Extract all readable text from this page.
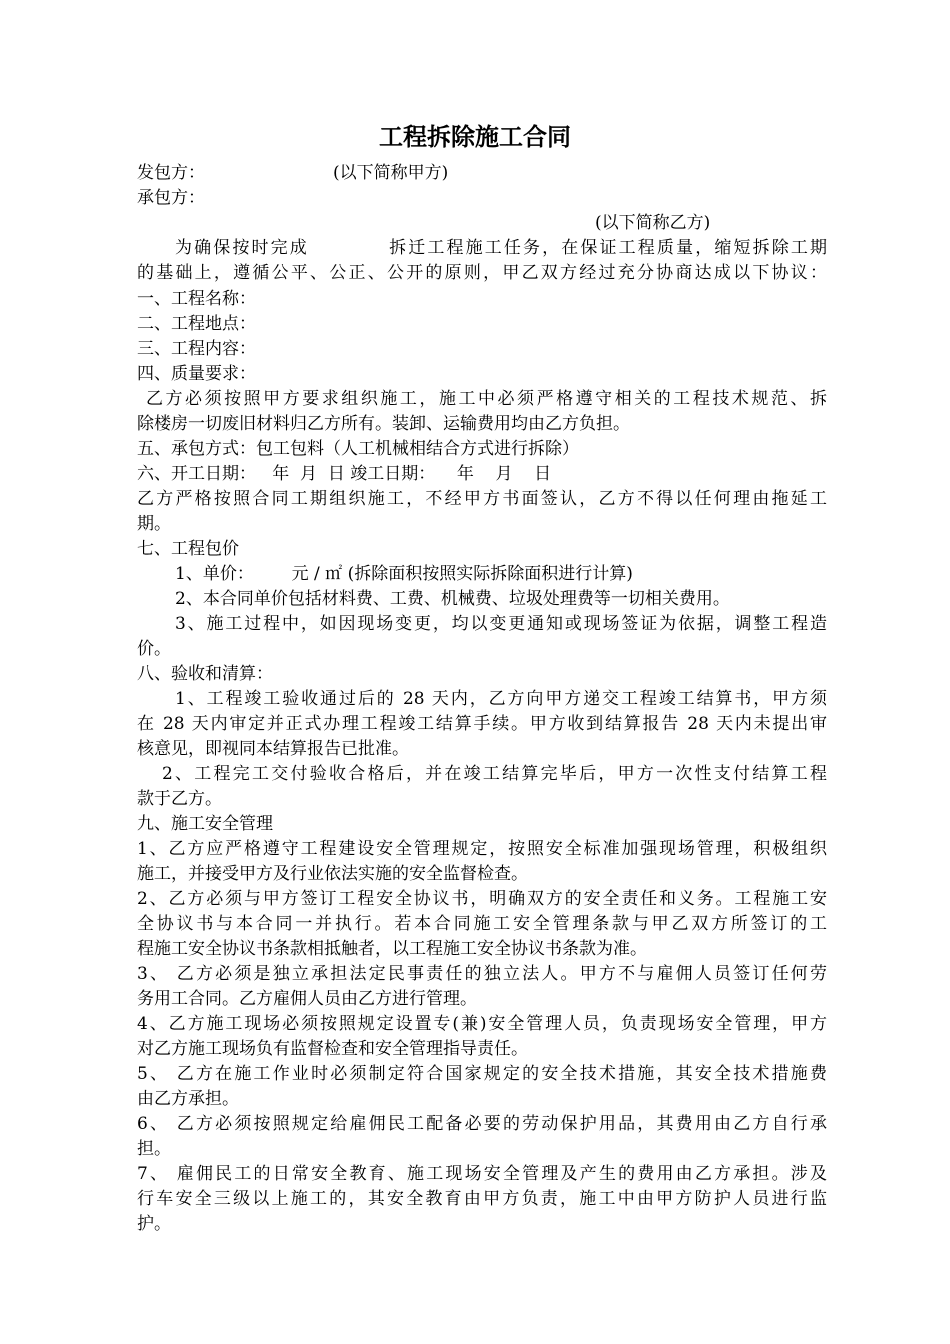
工程拆除施工合同
发包方：	(以下简称甲方)
承包方：
(以下简称乙方)
为确保按时完成	拆迁工程施工任务，在保证工程质量，缩短拆除工期
的基础上，遵循公平、公正、公开的原则，甲乙双方经过充分协商达成以下协议：
一、工程名称：
二、工程地点：
三、工程内容：
四、质量要求：
乙方必须按照甲方要求组织施工，施工中必须严格遵守相关的工程技术规范、拆
除楼房一切废旧材料归乙方所有。装卸、运输费用均由乙方负担。
五、承包方式：包工包料（人工机械相结合方式进行拆除）
六、开工日期：   年  月  日 竣工日期：    年    月    日
乙方严格按照合同工期组织施工，不经甲方书面签认，乙方不得以任何理由拖延工
期。
七、工程包价
1、单价：       元 / ㎡ (拆除面积按照实际拆除面积进行计算)
2、本合同单价包括材料费、工费、机械费、垃圾处理费等一切相关费用。
3、施工过程中，如因现场变更，均以变更通知或现场签证为依据，调整工程造
价。
八、验收和清算：
1、工程竣工验收通过后的 28 天内，乙方向甲方递交工程竣工结算书，甲方须
在 28 天内审定并正式办理工程竣工结算手续。甲方收到结算报告 28 天内未提出审
核意见，即视同本结算报告已批准。
2、工程完工交付验收合格后，并在竣工结算完毕后，甲方一次性支付结算工程
款于乙方。
九、施工安全管理
1、乙方应严格遵守工程建设安全管理规定，按照安全标准加强现场管理，积极组织
施工，并接受甲方及行业依法实施的安全监督检查。
2、乙方必须与甲方签订工程安全协议书，明确双方的安全责任和义务。工程施工安
全协议书与本合同一并执行。若本合同施工安全管理条款与甲乙双方所签订的工
程施工安全协议书条款相抵触者，以工程施工安全协议书条款为准。
3、 乙方必须是独立承担法定民事责任的独立法人。甲方不与雇佣人员签订任何劳
务用工合同。乙方雇佣人员由乙方进行管理。
4、乙方施工现场必须按照规定设置专(兼)安全管理人员，负责现场安全管理，甲方
对乙方施工现场负有监督检查和安全管理指导责任。
5、 乙方在施工作业时必须制定符合国家规定的安全技术措施，其安全技术措施费
由乙方承担。
6、 乙方必须按照规定给雇佣民工配备必要的劳动保护用品，其费用由乙方自行承
担。
7、 雇佣民工的日常安全教育、施工现场安全管理及产生的费用由乙方承担。涉及
行车安全三级以上施工的，其安全教育由甲方负责，施工中由甲方防护人员进行监
护。
